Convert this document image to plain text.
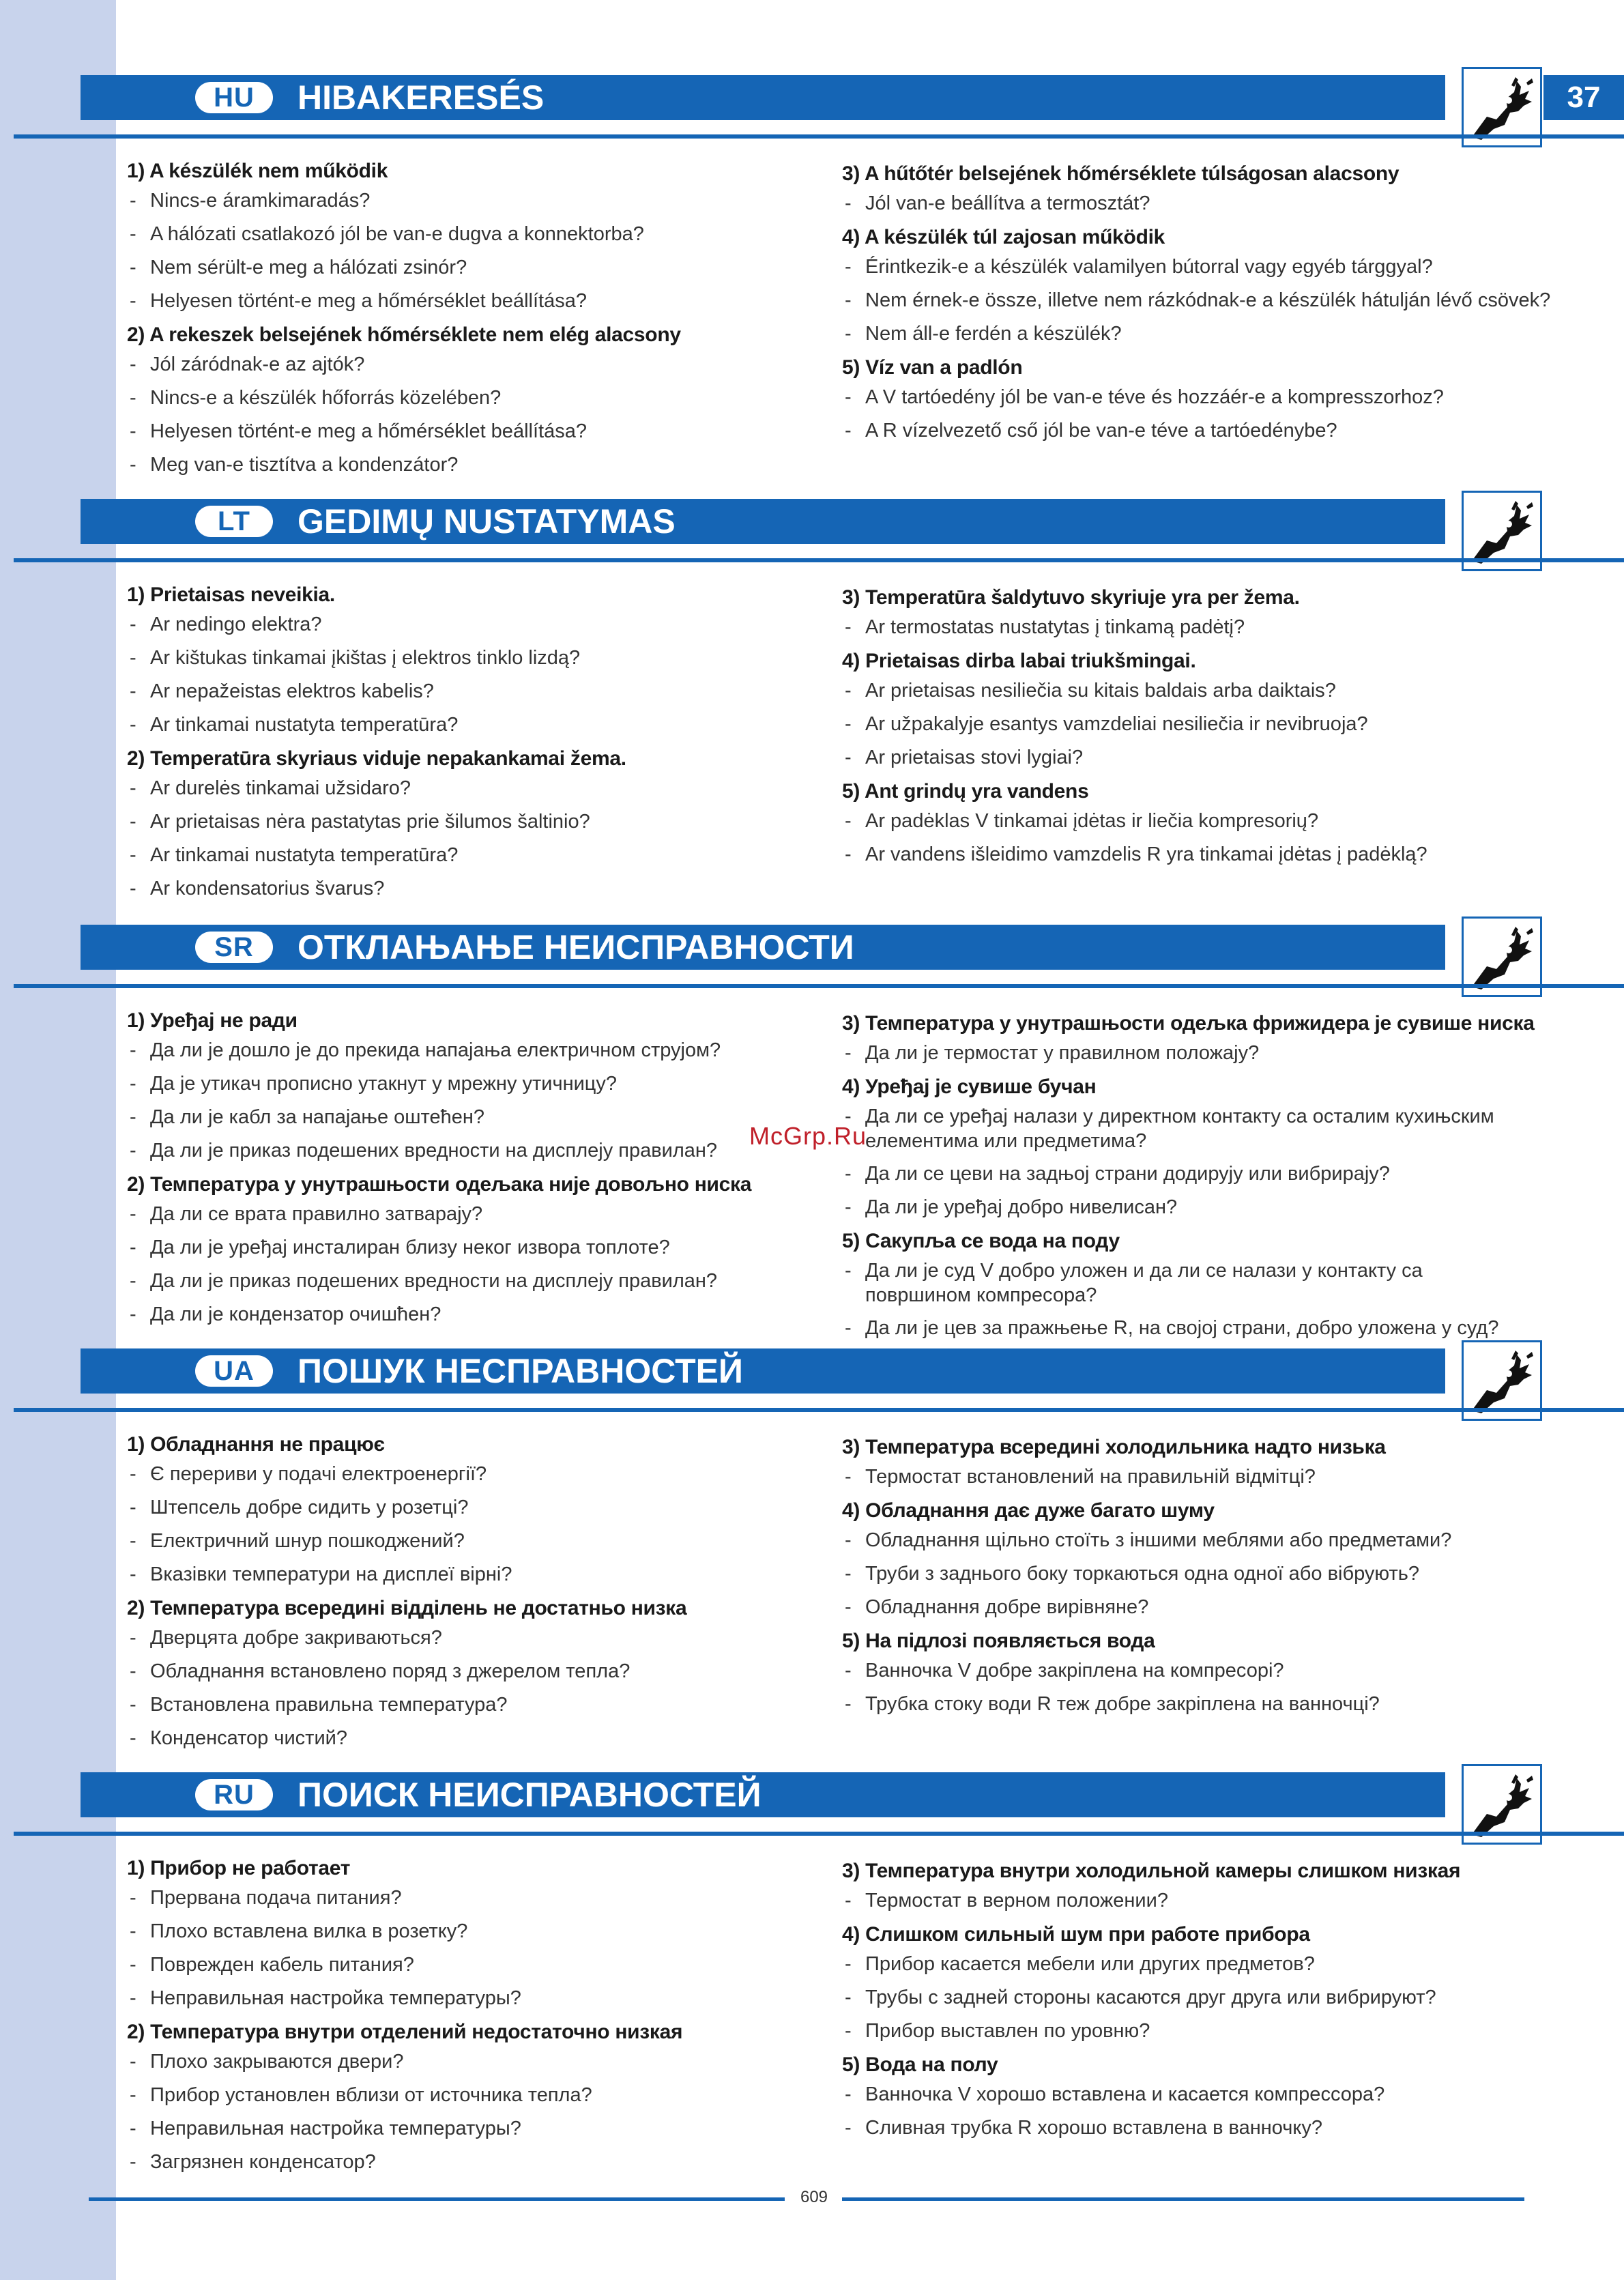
HU	HIBAKERESÉS

1) A készülék nem működik

- Nincs-e áramkimaradás?

- A hálózati csatlakozó jól be van-e dugva a konnektorba?

- Nem sérült-e meg a hálózati zsinór?

- Helyesen történt-e meg a hőmérséklet beállítása?

2) A rekeszek belsejének hőmérséklete nem elég alacsony

- Jól záródnak-e az ajtók?

- Nincs-e a készülék hőforrás közelében?

- Helyesen történt-e meg a hőmérséklet beállítása?

- Meg van-e tisztítva a kondenzátor?

3) A hűtőtér belsejének hőmérséklete túlságosan alacsony

- Jól van-e beállítva a termosztát?

4) A készülék túl zajosan működik

- Érintkezik-e a készülék valamilyen bútorral vagy egyéb tárggyal?

- Nem érnek-e össze, illetve nem rázkódnak-e a készülék hátulján lévő csövek?

- Nem áll-e ferdén a készülék?

5) Víz van a padlón

- A V tartóedény jól be van-e téve és hozzáér-e a kompresszorhoz?

- A R vízelvezető cső jól be van-e téve a tartóedénybe?

37
LT	GEDIMŲ NUSTATYMAS

1) Prietaisas neveikia.

- Ar nedingo elektra?

- Ar kištukas tinkamai įkištas į elektros tinklo lizdą?

- Ar nepažeistas elektros kabelis?

- Ar tinkamai nustatyta temperatūra?

2) Temperatūra skyriaus viduje nepakankamai žema.

- Ar durelės tinkamai užsidaro?

- Ar prietaisas nėra pastatytas prie šilumos šaltinio?

- Ar tinkamai nustatyta temperatūra?

- Ar kondensatorius švarus?

3) Temperatūra šaldytuvo skyriuje yra per žema.

- Ar termostatas nustatytas į tinkamą padėtį?

4) Prietaisas dirba labai triukšmingai.

- Ar prietaisas nesiliečia su kitais baldais arba daiktais?

- Ar užpakalyje esantys vamzdeliai nesiliečia ir nevibruoja?

- Ar prietaisas stovi lygiai?

5) Ant grindų yra vandens

- Ar padėklas V tinkamai įdėtas ir liečia kompresorių?

- Ar vandens išleidimo vamzdelis R yra tinkamai įdėtas į padėklą?

SR	ОТКЛАЊАЊЕ НЕИСПРАВНОСТИ

1) Уређај не ради

- Да ли је дошло је до прекида напајања електричном струјом?

- Да је утикач прописно утакнут у мрежну утичницу?

- Да ли је кабл за напајање оштећен?

- Да ли је приказ подешених вредности на дисплеју правилан?

2) Температура у унутрашњости одељака није довољно ниска

- Да ли се врата правилно затварају?

- Да ли је уређај инсталиран близу неког извора топлоте?

- Да ли је приказ подешених вредности на дисплеју правилан?

- Да ли је кондензатор очишћен?

3) Температура у унутрашњости одељка фрижидера је сувише ниска

- Да ли је термостат у правилном положају?

4) Уређај је сувише бучан

- Да ли се уређај налази у директном контакту са осталим кухињским елементима или предметима?

- Да ли се цеви на задњој страни додирују или вибрирају?

- Да ли је уређај добро нивелисан?

5) Сакупља се вода на поду

- Да ли је суд V добро уложен и да ли се налази у контакту са површином компресора?

- Да ли је цев за пражњење R, на својој страни, добро уложена у суд?

UA	ПОШУК НЕСПРАВНОСТЕЙ

1) Обладнання не працює

- Є перериви у подачі електроенергії?

- Штепсель добре сидить у розетці?

- Електричний шнур пошкоджений?

- Вказівки температури на дисплеї вірні?

2) Температура всередині відділень не достатньо низка

- Дверцята добре закриваються?

- Обладнання встановлено поряд з джерелом тепла?

- Встановлена правильна температура?

- Конденсатор чистий?

3) Температура всередині холодильника надто низька

- Термостат встановлений на правильній відмітці?

4) Обладнання дає дуже багато шуму

- Обладнання щільно стоїть з іншими меблями або предметами?

- Труби з заднього боку торкаються одна одної або вібрують?

- Обладнання добре вирівняне?

5) На підлозі появляється вода

- Ванночка V добре закріплена на компресорі?

- Трубка стоку води R теж добре закріплена на ванночці?

RU	ПОИСК НЕИСПРАВНОСТЕЙ

1) Прибор не работает

- Прервана подача питания?

- Плохо вставлена вилка в розетку?

- Поврежден кабель питания?

- Неправильная настройка температуры?

2) Температура внутри отделений недостаточно низкая

- Плохо закрываются двери?

- Прибор установлен вблизи от источника тепла?

- Неправильная настройка температуры?

- Загрязнен конденсатор?

3) Температура внутри холодильной камеры слишком низкая

- Термостат в верном положении?

4) Слишком сильный шум при работе прибора

- Прибор касается мебели или других предметов?

- Трубы с задней стороны касаются друг друга или вибрируют?

- Прибор выставлен по уровню?

5) Вода на полу

- Ванночка V хорошо вставлена и касается компрессора?

- Сливная трубка R хорошо вставлена в ванночку?

McGrp.Ru
609
